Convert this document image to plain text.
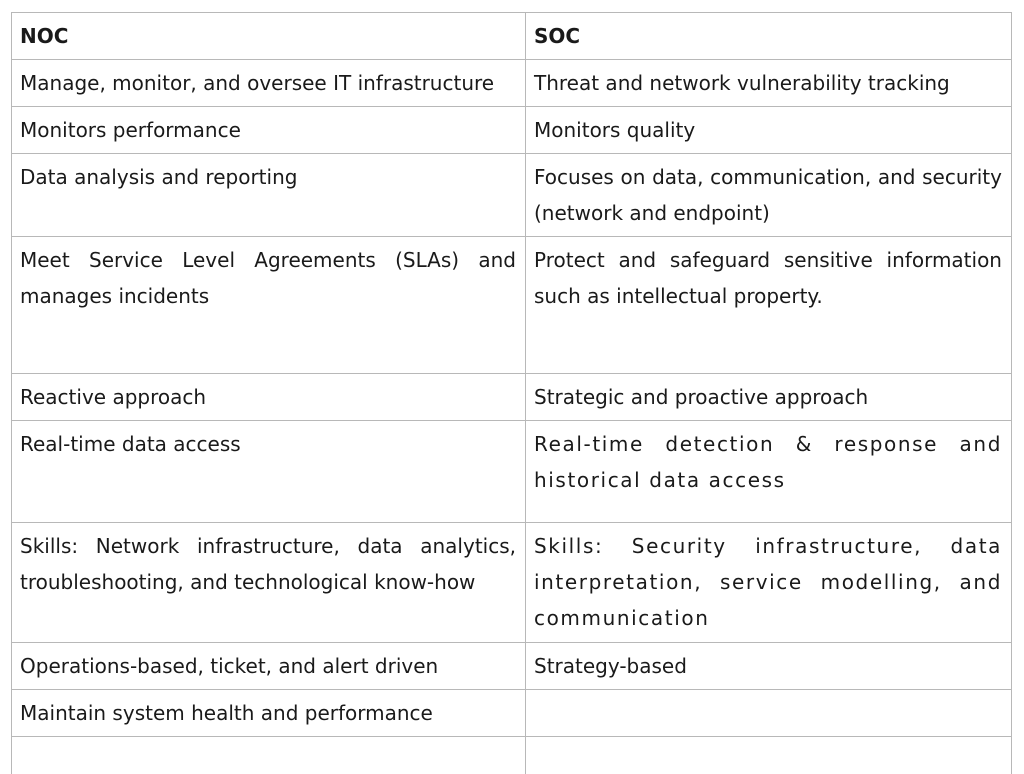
NOC	SOC
Manage, monitor, and oversee IT infrastructure	Threat and network vulnerability tracking
Monitors performance	Monitors quality
Data analysis and reporting	Focuses on data, communication, and security (network and endpoint)
Meet Service Level Agreements (SLAs) and manages incidents	Protect and safeguard sensitive information such as intellectual property.
Reactive approach	Strategic and proactive approach
Real-time data access	Real-time detection & response and historical data access
Skills: Network infrastructure, data analytics, troubleshooting, and technological know-how	Skills: Security infrastructure, data interpretation, service modelling, and communication
Operations-based, ticket, and alert driven	Strategy-based
Maintain system health and performance	
